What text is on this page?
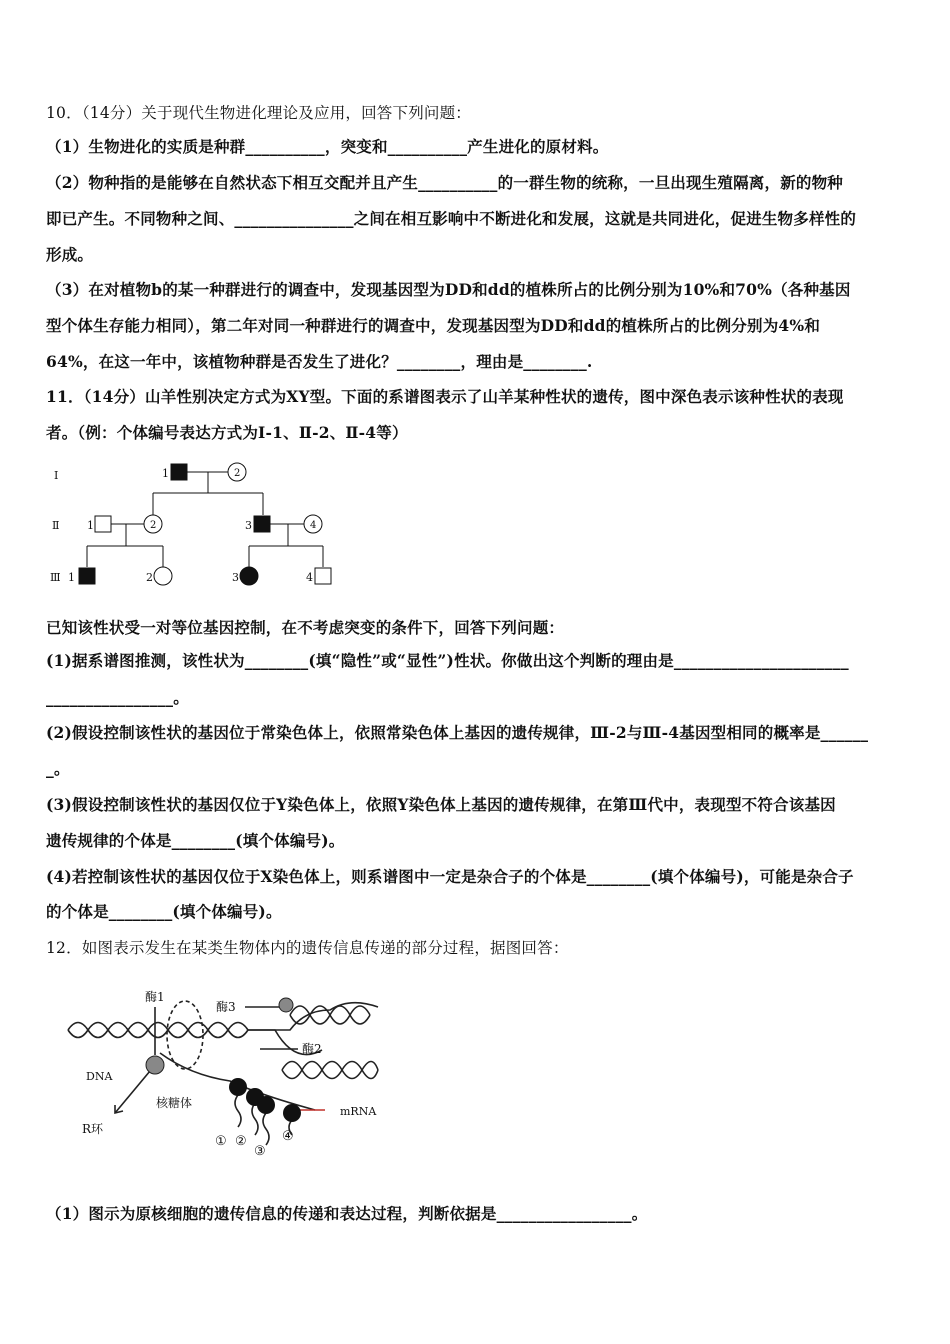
10．（14分）关于现代生物进化理论及应用，回答下列问题：
（1）生物进化的实质是种群__________，突变和__________产生进化的原材料。
（2）物种指的是能够在自然状态下相互交配并且产生__________的一群生物的统称，一旦出现生殖隔离，新的物种
即已产生。不同物种之间、_______________之间在相互影响中不断进化和发展，这就是共同进化，促进生物多样性的
形成。
（3）在对植物b的某一种群进行的调查中，发现基因型为DD和dd的植株所占的比例分别为10%和70%（各种基因
型个体生存能力相同），第二年对同一种群进行的调查中，发现基因型为DD和dd的植株所占的比例分别为4%和
64%，在这一年中，该植物种群是否发生了进化？________，理由是________.
11．（14分）山羊性别决定方式为XY型。下面的系谱图表示了山羊某种性状的遗传，图中深色表示该种性状的表现
者。（例：个体编号表达方式为Ⅰ-1、Ⅱ-2、Ⅱ-4等）
Ⅰ
Ⅱ
Ⅲ
1	2
1	2	3	4
1	2	3	4
已知该性状受一对等位基因控制，在不考虑突变的条件下，回答下列问题：
(1)据系谱图推测，该性状为________(填“隐性”或“显性”)性状。你做出这个判断的理由是______________________
________________。
(2)假设控制该性状的基因位于常染色体上，依照常染色体上基因的遗传规律，Ⅲ-2与Ⅲ-4基因型相同的概率是______
_。
(3)假设控制该性状的基因仅位于Y染色体上，依照Y染色体上基因的遗传规律，在第Ⅲ代中，表现型不符合该基因
遗传规律的个体是________(填个体编号)。
(4)若控制该性状的基因仅位于X染色体上，则系谱图中一定是杂合子的个体是________(填个体编号)，可能是杂合子
的个体是________(填个体编号)。
12．如图表示发生在某类生物体内的遗传信息传递的部分过程，据图回答：
酶1
酶3
酶2
DNA
核糖体
R环
mRNA
① ②
③
④
（1）图示为原核细胞的遗传信息的传递和表达过程，判断依据是_________________。
